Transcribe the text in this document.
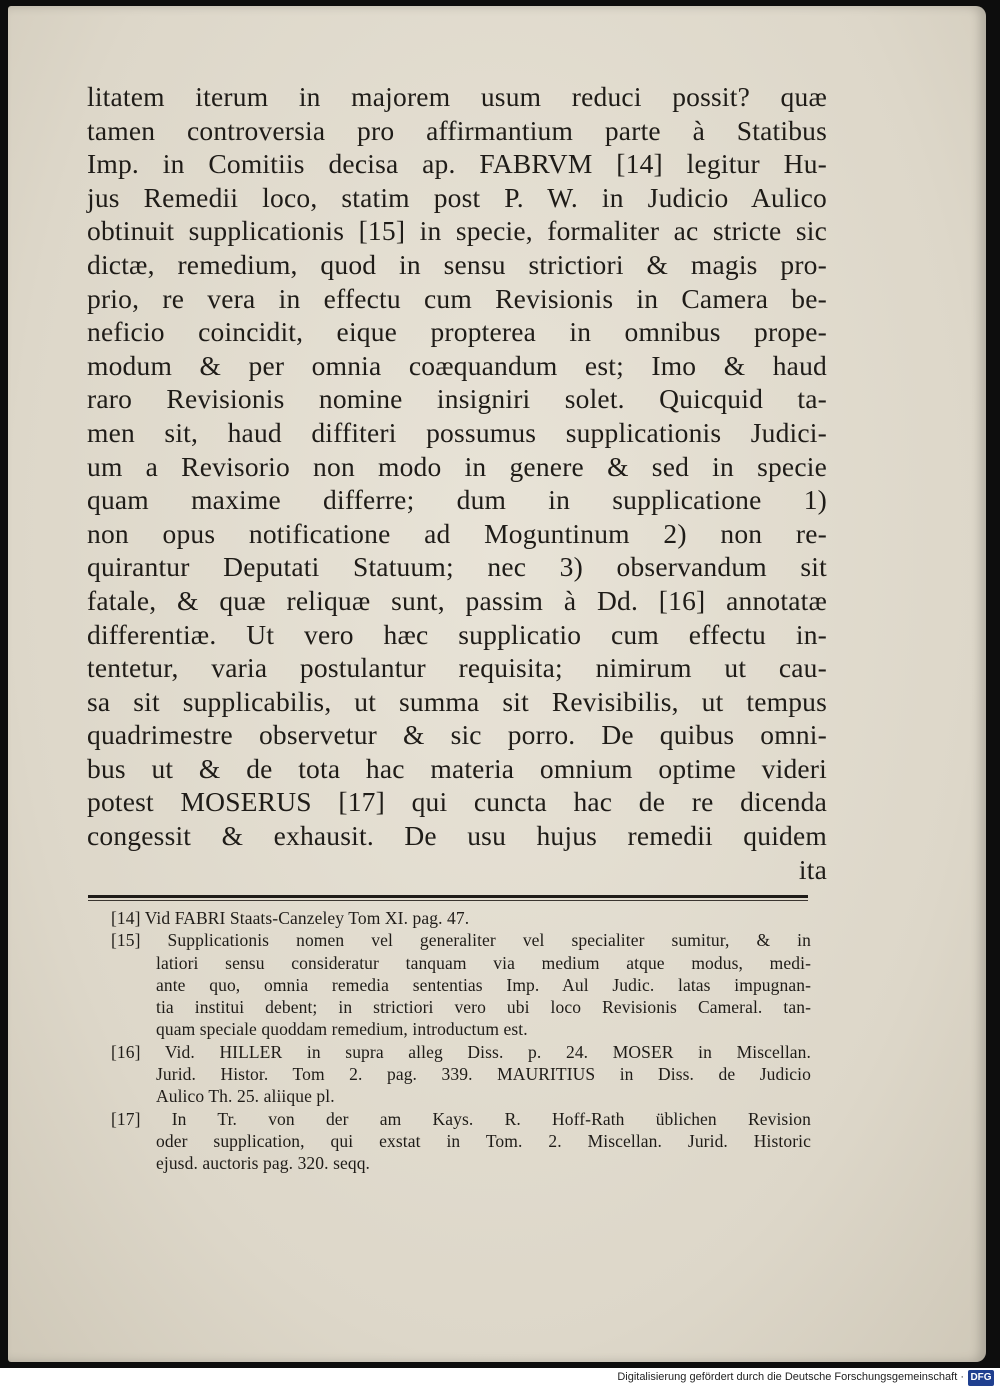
litatem iterum in majorem usum reduci possit? quæ
tamen controversia pro affirmantium parte à Statibus
Imp. in Comitiis decisa ap. FABRVM [14] legitur Hu-
jus Remedii loco, statim post P. W. in Judicio Aulico
obtinuit supplicationis [15] in specie, formaliter ac stricte sic
dictæ, remedium, quod in sensu strictiori & magis pro-
prio, re vera in effectu cum Revisionis in Camera be-
neficio coincidit, eique propterea in omnibus prope-
modum & per omnia coæquandum est; Imo & haud
raro Revisionis nomine insigniri solet. Quicquid ta-
men sit, haud diffiteri possumus supplicationis Judici-
um a Revisorio non modo in genere & sed in specie
quam maxime differre; dum in supplicatione 1)
non opus notificatione ad Moguntinum 2) non re-
quirantur Deputati Statuum; nec 3) observandum sit
fatale, & quæ reliquæ sunt, passim à Dd. [16] annotatæ
differentiæ. Ut vero hæc supplicatio cum effectu in-
tentetur, varia postulantur requisita; nimirum ut cau-
sa sit supplicabilis, ut summa sit Revisibilis, ut tempus
quadrimestre observetur & sic porro. De quibus omni-
bus ut & de tota hac materia omnium optime videri
potest MOSERUS [17] qui cuncta hac de re dicenda
congessit & exhausit. De usu hujus remedii quidem
ita
[14] Vid FABRI Staats-Canzeley Tom XI. pag. 47.
[15] Supplicationis nomen vel generaliter vel specialiter sumitur, & in
latiori sensu consideratur tanquam via medium atque modus, medi-
ante quo, omnia remedia sententias Imp. Aul Judic. latas impugnan-
tia institui debent; in strictiori vero ubi loco Revisionis Cameral. tan-
quam speciale quoddam remedium, introductum est.
[16] Vid. HILLER in supra alleg Diss. p. 24. MOSER in Miscellan.
Jurid. Histor. Tom 2. pag. 339. MAURITIUS in Diss. de Judicio
Aulico Th. 25. aliique pl.
[17] In Tr. von der am Kays. R. Hoff-Rath üblichen Revision
oder supplication, qui exstat in Tom. 2. Miscellan. Jurid. Historic
ejusd. auctoris pag. 320. seqq.
Digitalisierung gefördert durch die Deutsche Forschungsgemeinschaft · DFG
